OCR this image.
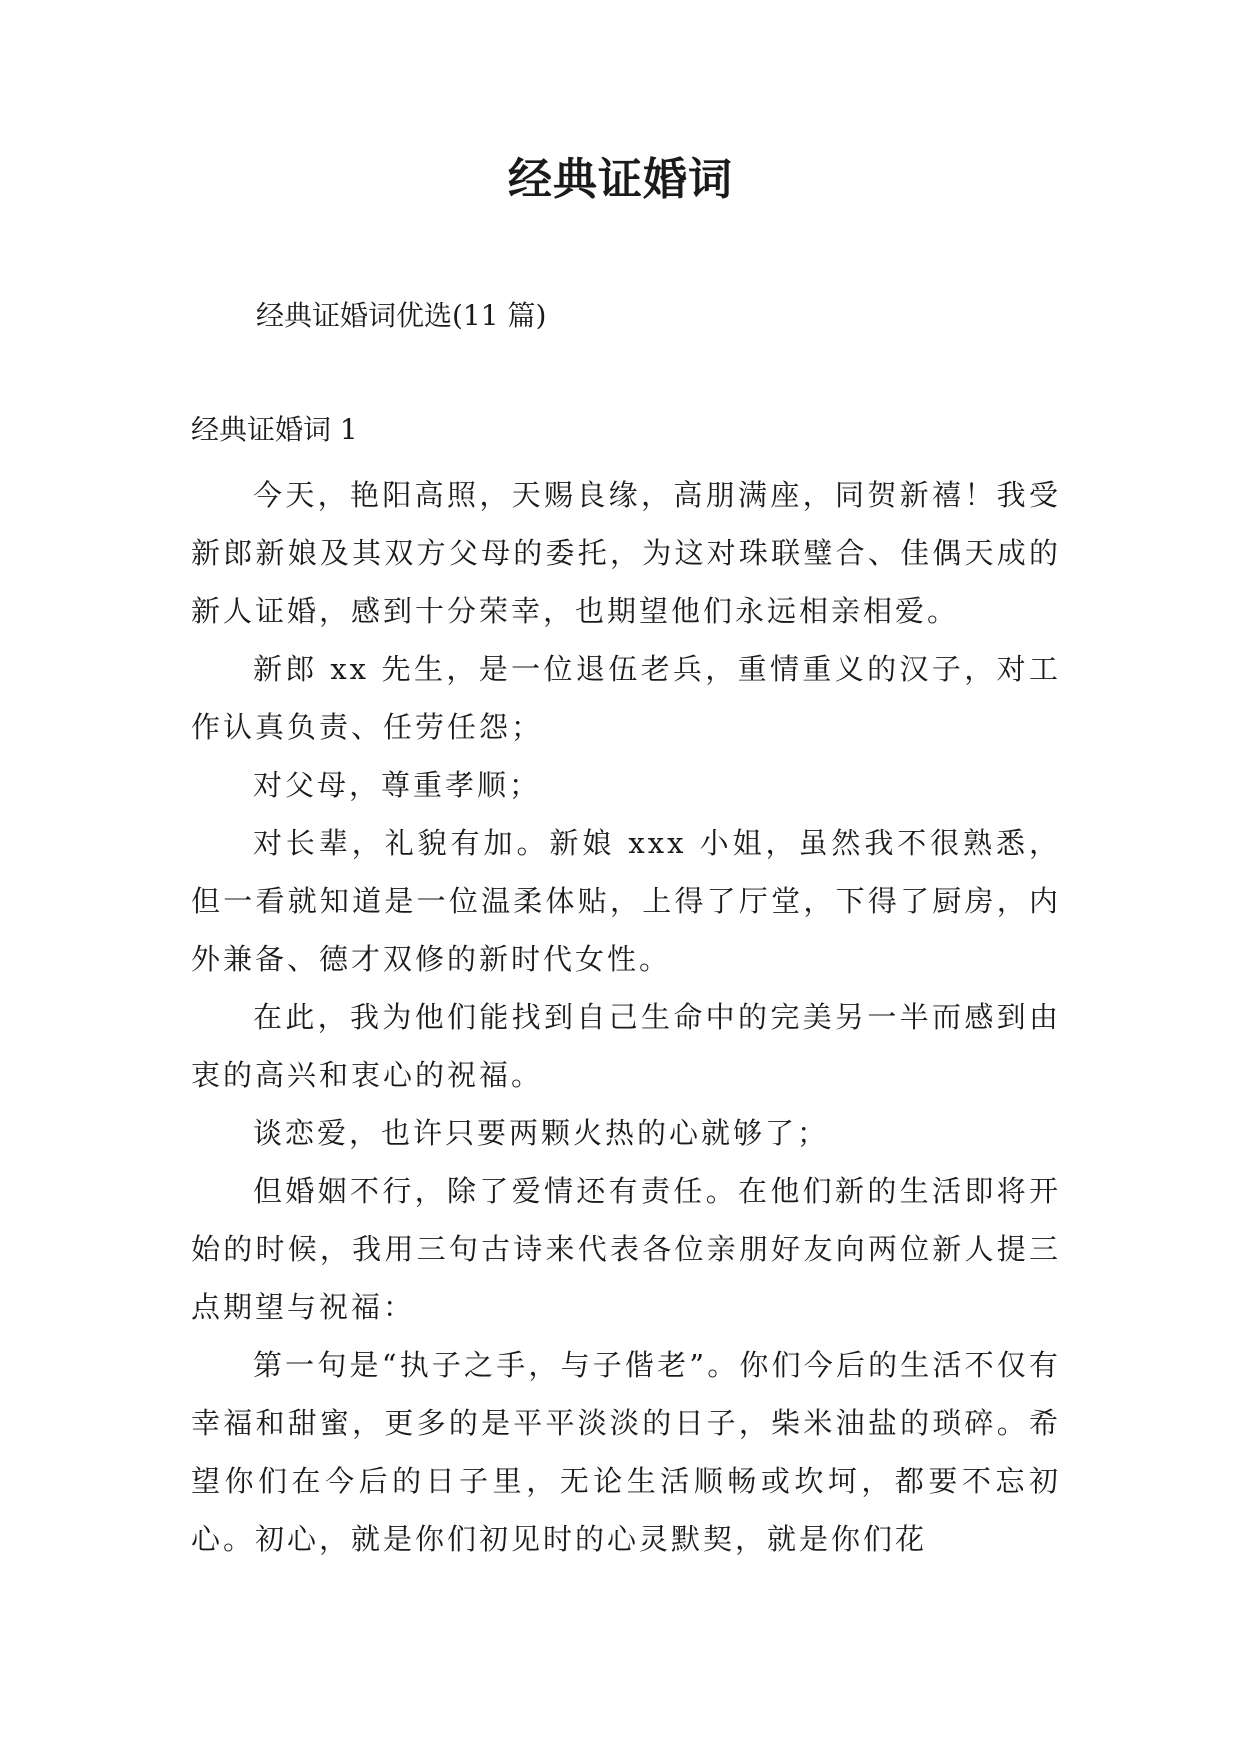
经典证婚词
经典证婚词优选(11 篇)
经典证婚词 1

今天，艳阳高照，天赐良缘，高朋满座，同贺新禧！我受新郎新娘及其双方父母的委托，为这对珠联璧合、佳偶天成的新人证婚，感到十分荣幸，也期望他们永远相亲相爱。

新郎 xx 先生，是一位退伍老兵，重情重义的汉子，对工作认真负责、任劳任怨；

对父母，尊重孝顺；

对长辈，礼貌有加。新娘 xxx 小姐，虽然我不很熟悉，但一看就知道是一位温柔体贴，上得了厅堂，下得了厨房，内外兼备、德才双修的新时代女性。

在此，我为他们能找到自己生命中的完美另一半而感到由衷的高兴和衷心的祝福。

谈恋爱，也许只要两颗火热的心就够了；

但婚姻不行，除了爱情还有责任。在他们新的生活即将开始的时候，我用三句古诗来代表各位亲朋好友向两位新人提三点期望与祝福：

第一句是“执子之手，与子偕老”。你们今后的生活不仅有幸福和甜蜜，更多的是平平淡淡的日子，柴米油盐的琐碎。希望你们在今后的日子里，无论生活顺畅或坎坷，都要不忘初心。初心，就是你们初见时的心灵默契，就是你们花
